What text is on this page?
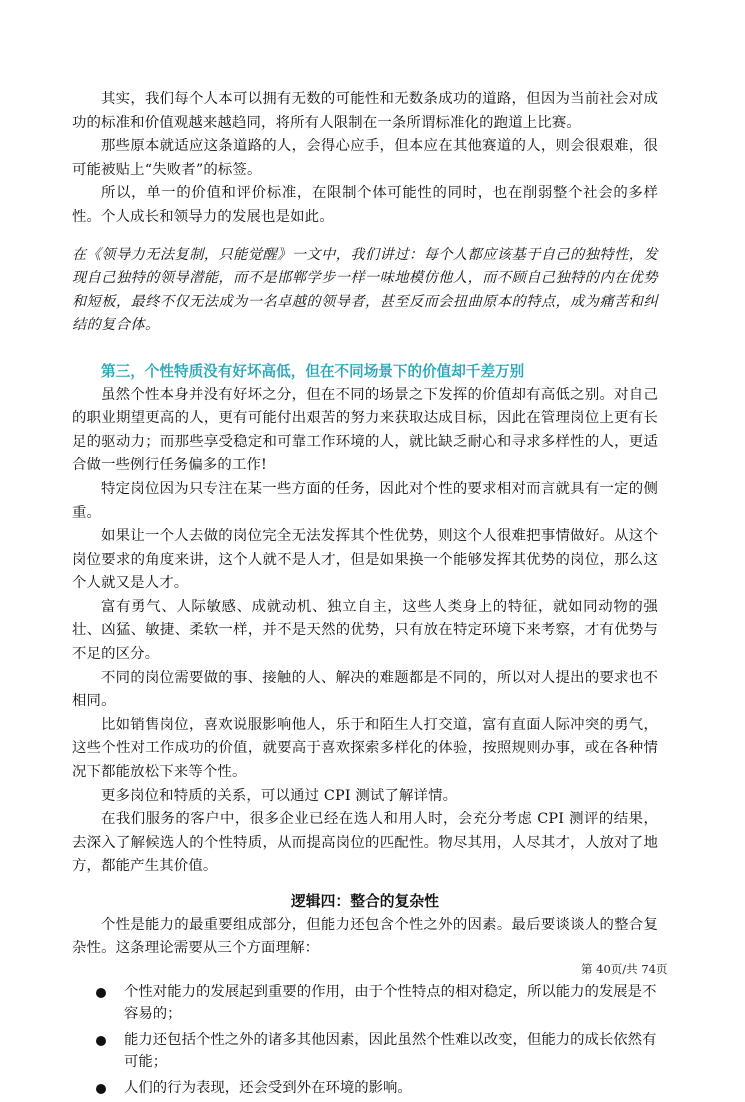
其实，我们每个人本可以拥有无数的可能性和无数条成功的道路，但因为当前社会对成功的标准和价值观越来越趋同，将所有人限制在一条所谓标准化的跑道上比赛。

那些原本就适应这条道路的人，会得心应手，但本应在其他赛道的人，则会很艰难，很可能被贴上“失败者”的标签。

所以，单一的价值和评价标准，在限制个体可能性的同时，也在削弱整个社会的多样性。个人成长和领导力的发展也是如此。

在《领导力无法复制，只能觉醒》一文中，我们讲过：每个人都应该基于自己的独特性，发现自己独特的领导潜能，而不是邯郸学步一样一味地模仿他人，而不顾自己独特的内在优势和短板，最终不仅无法成为一名卓越的领导者，甚至反而会扭曲原本的特点，成为痛苦和纠结的复合体。

第三，个性特质没有好坏高低，但在不同场景下的价值却千差万别

虽然个性本身并没有好坏之分，但在不同的场景之下发挥的价值却有高低之别。对自己的职业期望更高的人，更有可能付出艰苦的努力来获取达成目标，因此在管理岗位上更有长足的驱动力；而那些享受稳定和可靠工作环境的人，就比缺乏耐心和寻求多样性的人，更适合做一些例行任务偏多的工作!

特定岗位因为只专注在某一些方面的任务，因此对个性的要求相对而言就具有一定的侧重。

如果让一个人去做的岗位完全无法发挥其个性优势，则这个人很难把事情做好。从这个岗位要求的角度来讲，这个人就不是人才，但是如果换一个能够发挥其优势的岗位，那么这个人就又是人才。

富有勇气、人际敏感、成就动机、独立自主，这些人类身上的特征，就如同动物的强壮、凶猛、敏捷、柔软一样，并不是天然的优势，只有放在特定环境下来考察，才有优势与不足的区分。

不同的岗位需要做的事、接触的人、解决的难题都是不同的，所以对人提出的要求也不相同。

比如销售岗位，喜欢说服影响他人，乐于和陌生人打交道，富有直面人际冲突的勇气，这些个性对工作成功的价值，就要高于喜欢探索多样化的体验，按照规则办事，或在各种情况下都能放松下来等个性。

更多岗位和特质的关系，可以通过 CPI 测试了解详情。

在我们服务的客户中，很多企业已经在选人和用人时，会充分考虑 CPI 测评的结果，去深入了解候选人的个性特质，从而提高岗位的匹配性。物尽其用，人尽其才，人放对了地方，都能产生其价值。

逻辑四：整合的复杂性

个性是能力的最重要组成部分，但能力还包含个性之外的因素。最后要谈谈人的整合复杂性。这条理论需要从三个方面理解：

个性对能力的发展起到重要的作用，由于个性特点的相对稳定，所以能力的发展是不容易的；
能力还包括个性之外的诸多其他因素，因此虽然个性难以改变，但能力的成长依然有可能；
人们的行为表现，还会受到外在环境的影响。
第 40页/共 74页
